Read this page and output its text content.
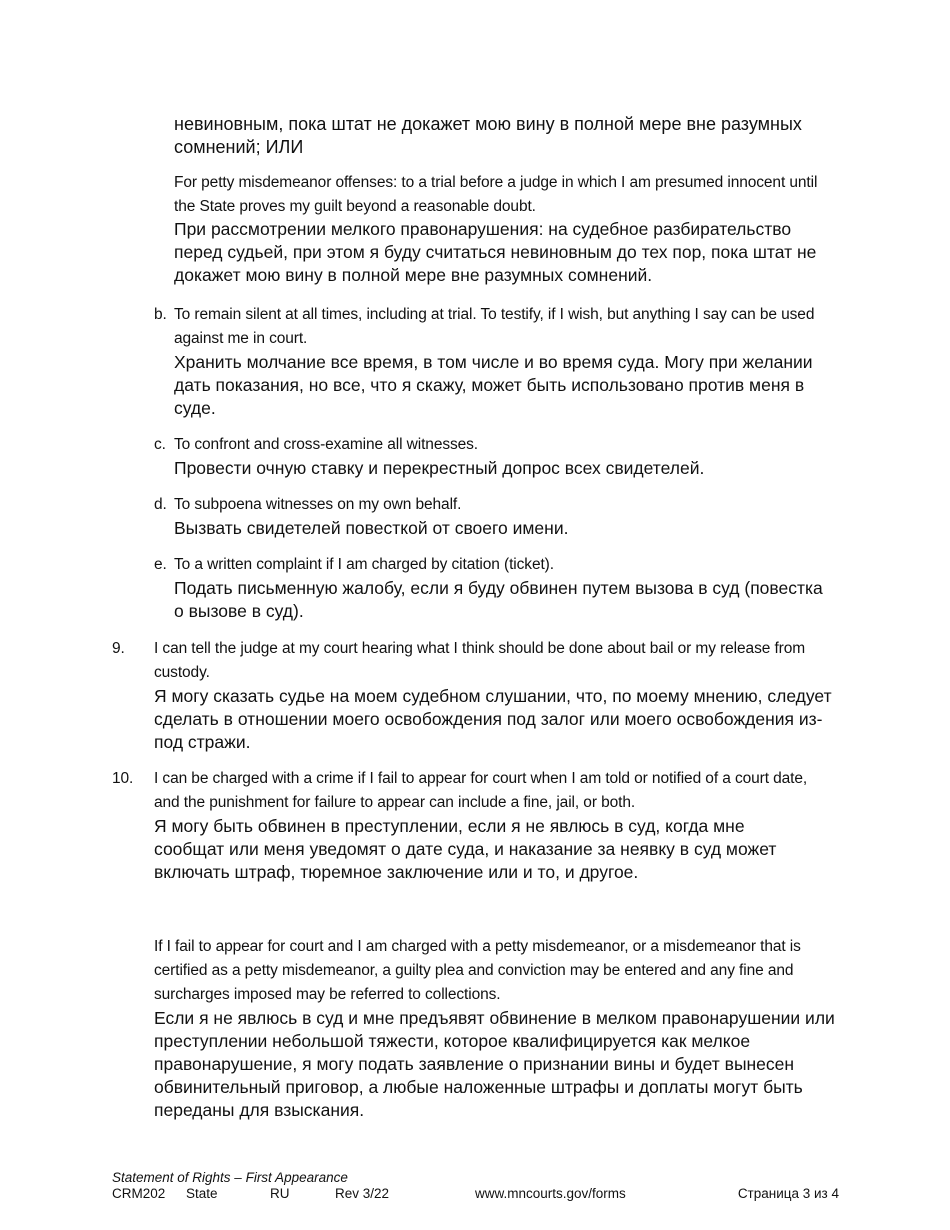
невиновным, пока штат не докажет мою вину в полной мере вне разумных сомнений; ИЛИ

For petty misdemeanor offenses: to a trial before a judge in which I am presumed innocent until the State proves my guilt beyond a reasonable doubt.

При рассмотрении мелкого правонарушения: на судебное разбирательство перед судьей, при этом я буду считаться невиновным до тех пор, пока штат не докажет мою вину в полной мере вне разумных сомнений.

b. To remain silent at all times, including at trial. To testify, if I wish, but anything I say can be used against me in court.

Хранить молчание все время, в том числе и во время суда. Могу при желании дать показания, но все, что я скажу, может быть использовано против меня в суде.

c. To confront and cross-examine all witnesses.

Провести очную ставку и перекрестный допрос всех свидетелей.

d. To subpoena witnesses on my own behalf.

Вызвать свидетелей повесткой от своего имени.

e. To a written complaint if I am charged by citation (ticket).

Подать письменную жалобу, если я буду обвинен путем вызова в суд (повестка о вызове в суд).

9. I can tell the judge at my court hearing what I think should be done about bail or my release from custody.

Я могу сказать судье на моем судебном слушании, что, по моему мнению, следует сделать в отношении моего освобождения под залог или моего освобождения из-под стражи.

10. I can be charged with a crime if I fail to appear for court when I am told or notified of a court date, and the punishment for failure to appear can include a fine, jail, or both.

Я могу быть обвинен в преступлении, если я не явлюсь в суд, когда мне сообщат или меня уведомят о дате суда, и наказание за неявку в суд может включать штраф, тюремное заключение или и то, и другое.

If I fail to appear for court and I am charged with a petty misdemeanor, or a misdemeanor that is certified as a petty misdemeanor, a guilty plea and conviction may be entered and any fine and surcharges imposed may be referred to collections.

Если я не явлюсь в суд и мне предъявят обвинение в мелком правонарушении или преступлении небольшой тяжести, которое квалифицируется как мелкое правонарушение, я могу подать заявление о признании вины и будет вынесен обвинительный приговор, а любые наложенные штрафы и доплаты могут быть переданы для взыскания.

Statement of Rights – First Appearance
CRM202 State	RU	Rev 3/22	www.mncourts.gov/forms	Страница 3 из 4
